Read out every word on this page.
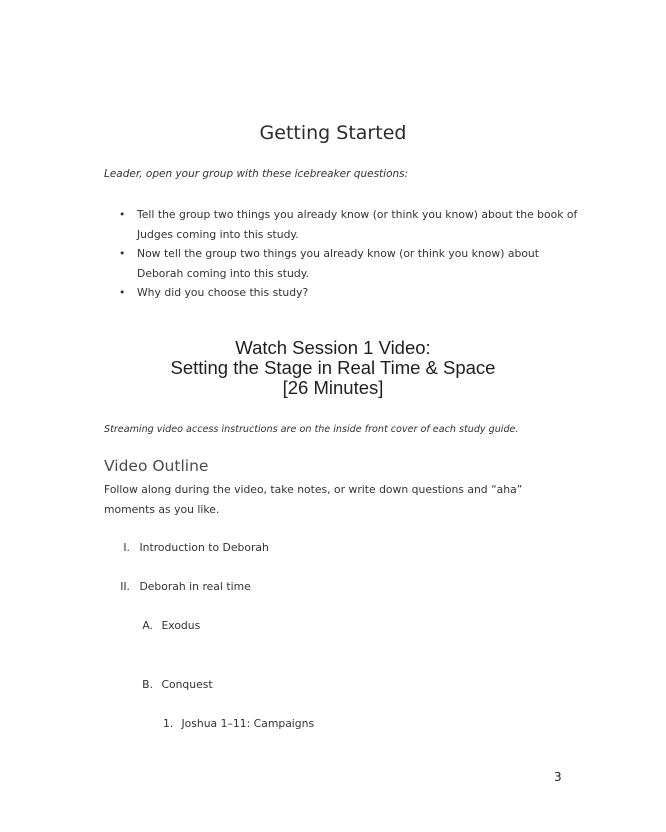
Getting Started
Leader, open your group with these icebreaker questions:
• Tell the group two things you already know (or think you know) about the book of Judges coming into this study.
• Now tell the group two things you already know (or think you know) about Deborah coming into this study.
• Why did you choose this study?
Watch Session 1 Video:
Setting the Stage in Real Time & Space
[26 Minutes]
Streaming video access instructions are on the inside front cover of each study guide.
Video Outline
Follow along during the video, take notes, or write down questions and “aha” moments as you like.
I. Introduction to Deborah
II. Deborah in real time
A. Exodus
B. Conquest
1. Joshua 1–11: Campaigns
3
